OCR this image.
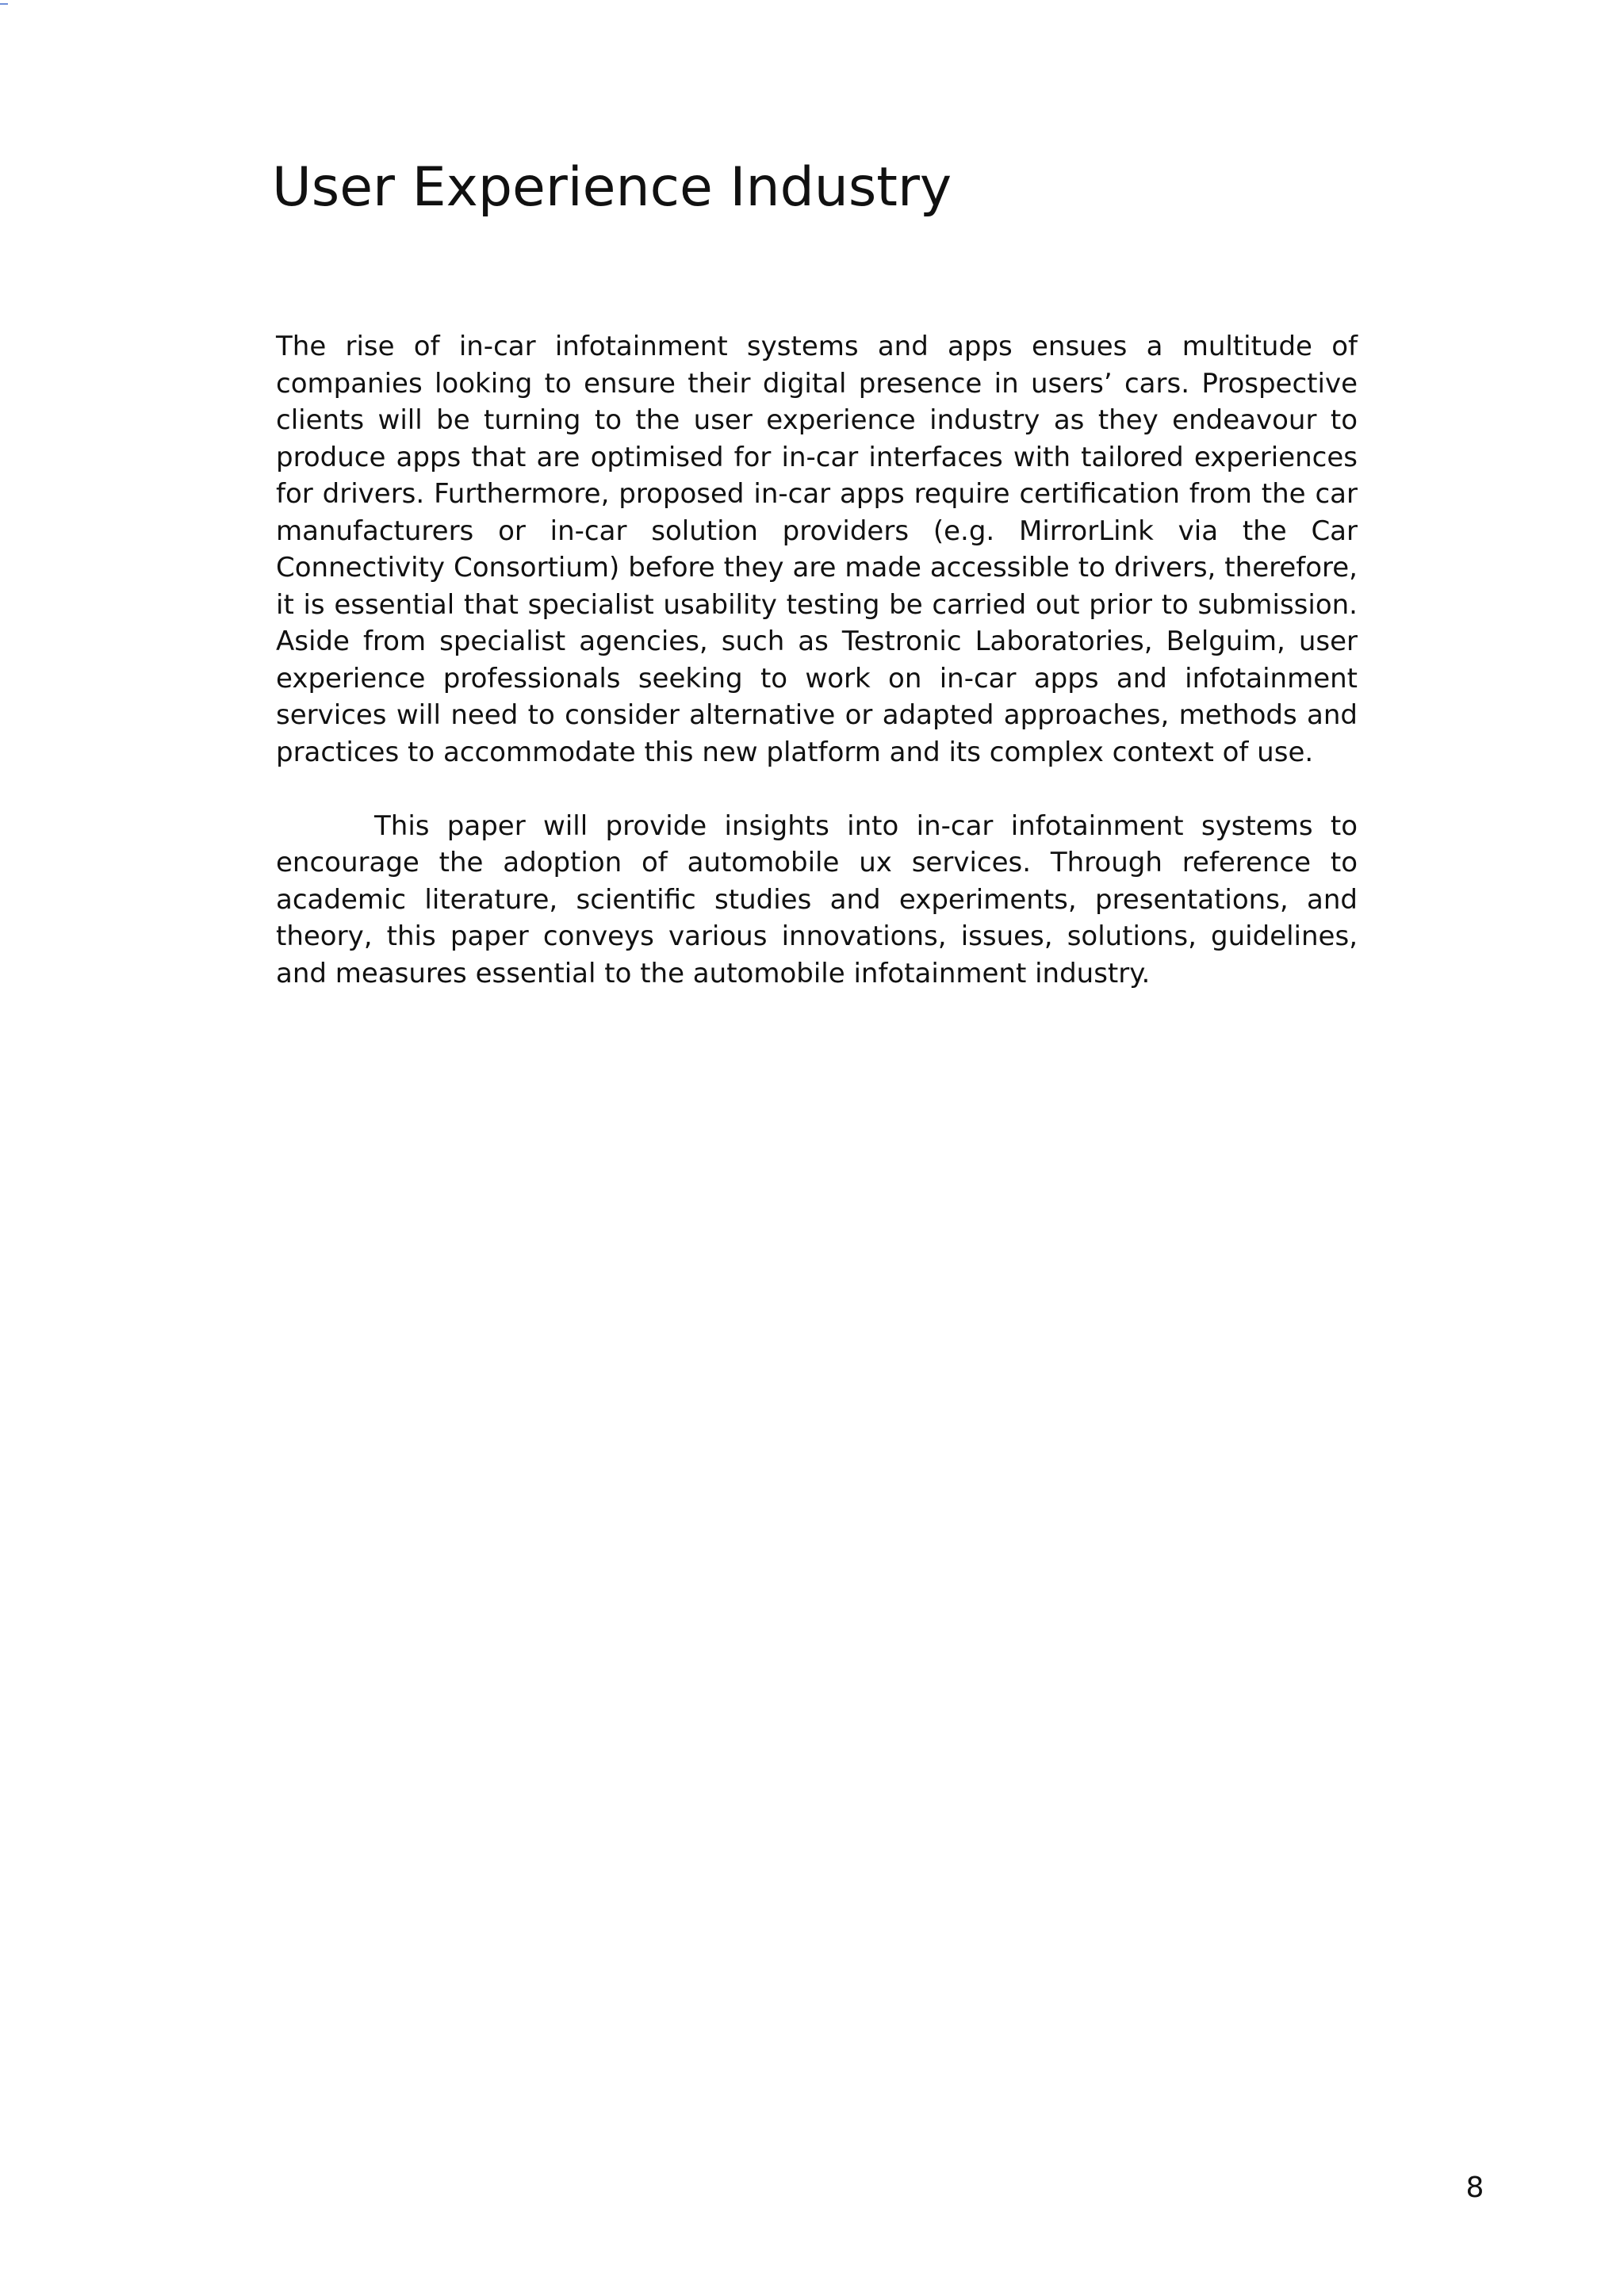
User Experience Industry

The rise of in-car infotainment systems and apps ensues a multitude of companies looking to ensure their digital presence in users’ cars. Prospective clients will be turning to the user experience industry as they endeavour to produce apps that are optimised for in-car interfaces with tailored experiences for drivers. Furthermore, proposed in-car apps require certification from the car manufacturers or in-car solution providers (e.g. MirrorLink via the Car Connectivity Consortium) before they are made accessible to drivers, therefore, it is essential that specialist usability testing be carried out prior to submission. Aside from specialist agencies, such as Testronic Laboratories, Belguim, user experience professionals seeking to work on in-car apps and infotainment services will need to consider alternative or adapted approaches, methods and practices to accommodate this new platform and its complex context of use.

This paper will provide insights into in-car infotainment systems to encourage the adoption of automobile ux services. Through reference to academic literature, scientific studies and experiments, presentations, and theory, this paper conveys various innovations, issues, solutions, guidelines, and measures essential to the automobile infotainment industry.

8
